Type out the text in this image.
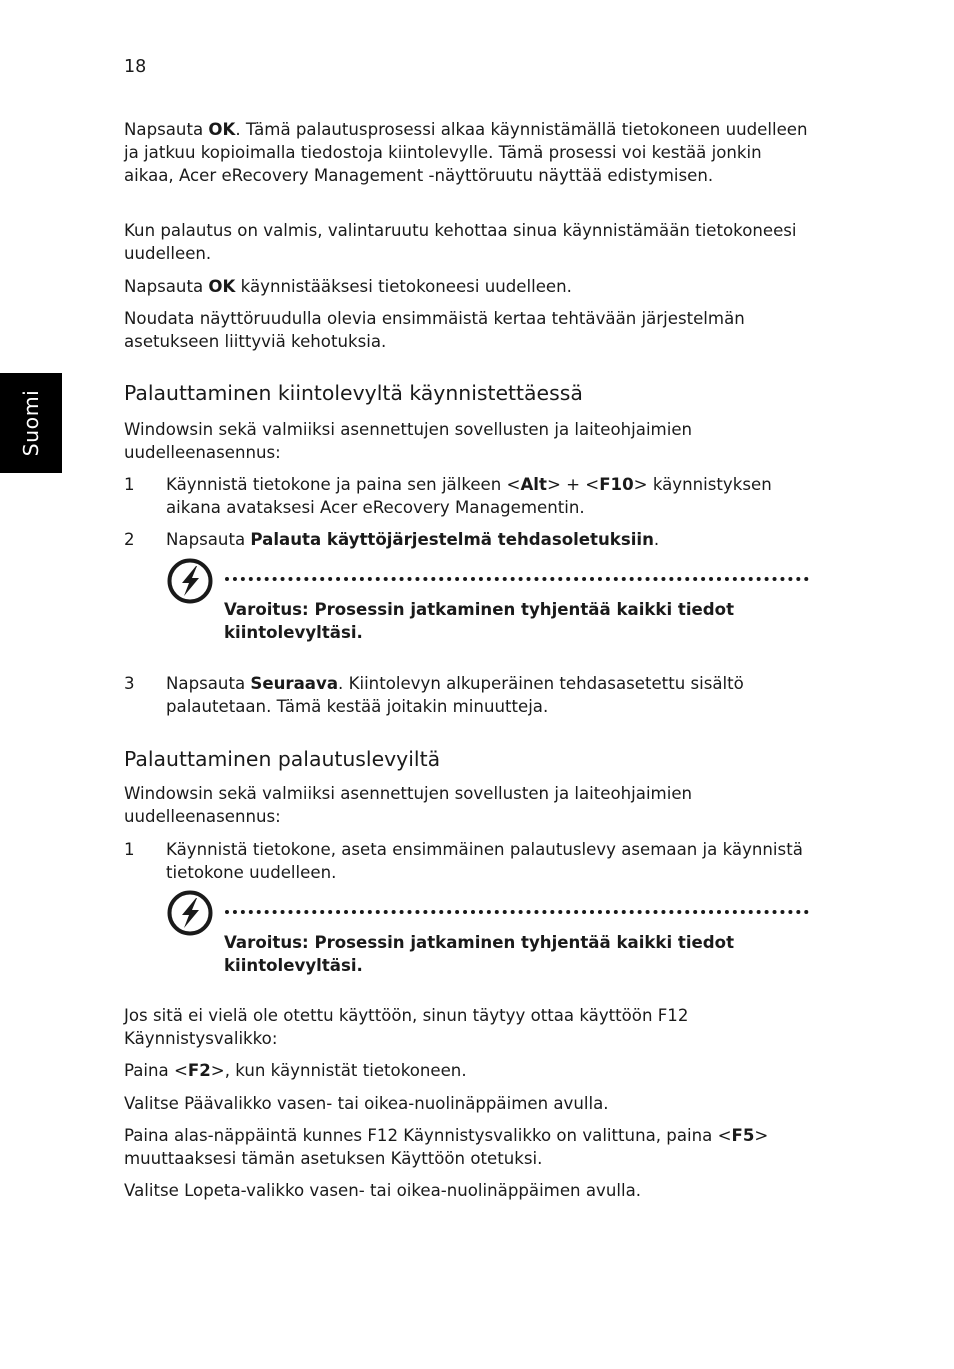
18
Suomi

Napsauta OK. Tämä palautusprosessi alkaa käynnistämällä tietokoneen uudelleen ja jatkuu kopioimalla tiedostoja kiintolevylle. Tämä prosessi voi kestää jonkin aikaa, Acer eRecovery Management -näyttöruutu näyttää edistymisen.

Kun palautus on valmis, valintaruutu kehottaa sinua käynnistämään tietokoneesi uudelleen.

Napsauta OK käynnistääksesi tietokoneesi uudelleen.

Noudata näyttöruudulla olevia ensimmäistä kertaa tehtävään järjestelmän asetukseen liittyviä kehotuksia.

Palauttaminen kiintolevyltä käynnistettäessä

Windowsin sekä valmiiksi asennettujen sovellusten ja laiteohjaimien uudelleenasennus:

1 Käynnistä tietokone ja paina sen jälkeen <Alt> + <F10> käynnistyksen aikana avataksesi Acer eRecovery Managementin.
2 Napsauta Palauta käyttöjärjestelmä tehdasoletuksiin.
Varoitus: Prosessin jatkaminen tyhjentää kaikki tiedot kiintolevyltäsi.
3 Napsauta Seuraava. Kiintolevyn alkuperäinen tehdasasetettu sisältö palautetaan. Tämä kestää joitakin minuutteja.
Palauttaminen palautuslevyiltä

Windowsin sekä valmiiksi asennettujen sovellusten ja laiteohjaimien uudelleenasennus:

1 Käynnistä tietokone, aseta ensimmäinen palautuslevy asemaan ja käynnistä tietokone uudelleen.
Varoitus: Prosessin jatkaminen tyhjentää kaikki tiedot kiintolevyltäsi.

Jos sitä ei vielä ole otettu käyttöön, sinun täytyy ottaa käyttöön F12 Käynnistysvalikko:

Paina <F2>, kun käynnistät tietokoneen.

Valitse Päävalikko vasen- tai oikea-nuolinäppäimen avulla.

Paina alas-näppäintä kunnes F12 Käynnistysvalikko on valittuna, paina <F5> muuttaaksesi tämän asetuksen Käyttöön otetuksi.

Valitse Lopeta-valikko vasen- tai oikea-nuolinäppäimen avulla.
